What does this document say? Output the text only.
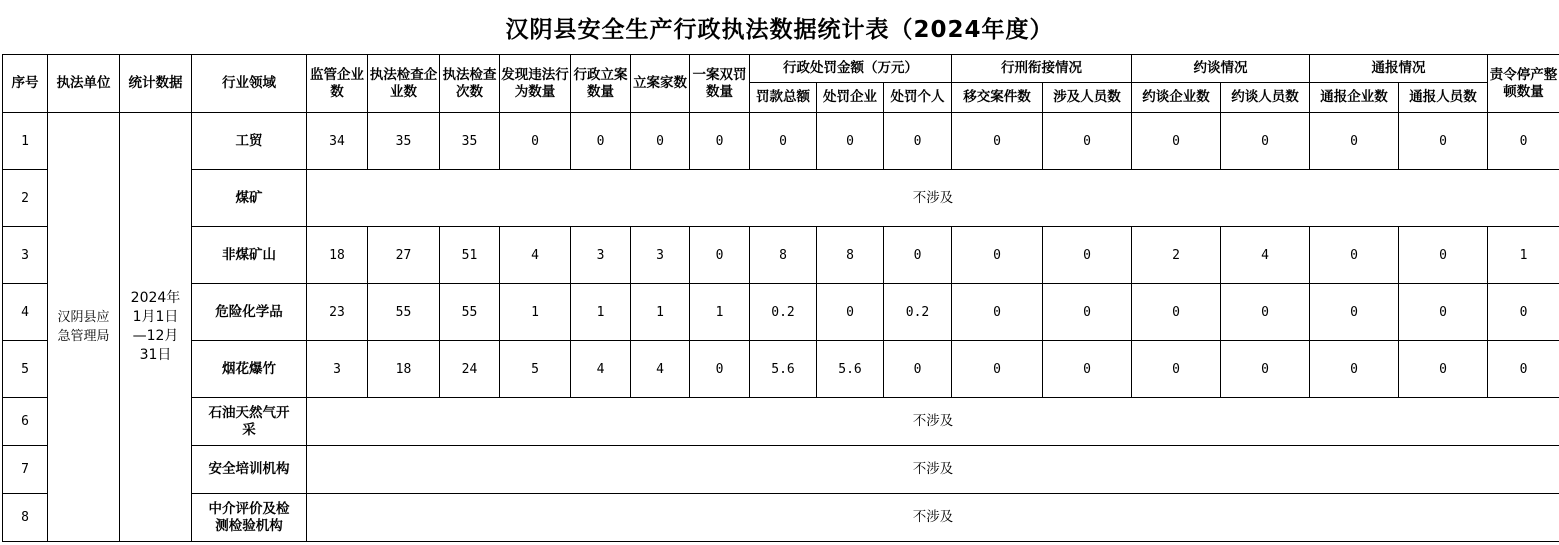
汉阴县安全生产行政执法数据统计表（2024年度）
序号	执法单位	统计数据	行业领域	监管企业数	执法检查企业数	执法检查次数	发现违法行为数量	行政立案数量	立案家数	一案双罚数量	行政处罚金额（万元）			行刑衔接情况		约谈情况		通报情况		责令停产整顿数量
											罚款总额	处罚企业	处罚个人	移交案件数	涉及人员数	约谈企业数	约谈人员数	通报企业数	通报人员数	
1	汉阴县应急管理局	2024年1月1日—12月31日	工贸	34	35	35	0	0	0	0	0	0	0	0	0	0	0	0	0	0
2			煤矿	不涉及																
3			非煤矿山	18	27	51	4	3	3	0	8	8	0	0	0	2	4	0	0	1
4			危险化学品	23	55	55	1	1	1	1	0.2	0	0.2	0	0	0	0	0	0	0
5			烟花爆竹	3	18	24	5	4	4	0	5.6	5.6	0	0	0	0	0	0	0	0
6			石油天然气开采	不涉及																
7			安全培训机构	不涉及																
8			中介评价及检测检验机构	不涉及																
